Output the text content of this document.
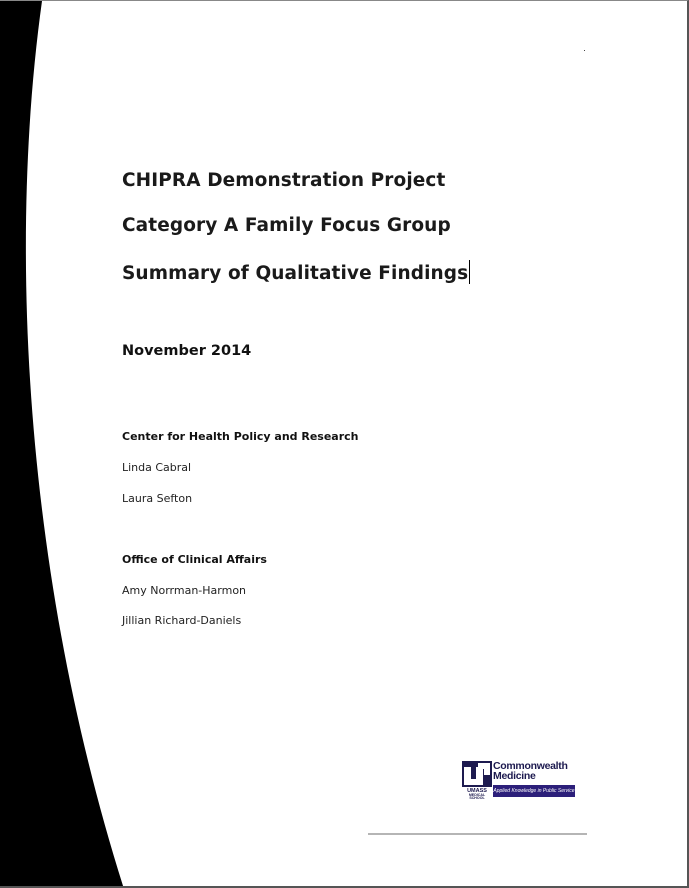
CHIPRA Demonstration Project
Category A Family Focus Group
Summary of Qualitative Findings
November 2014
Center for Health Policy and Research
Linda Cabral
Laura Sefton
Office of Clinical Affairs
Amy Norrman-Harmon
Jillian Richard-Daniels
UMASS
MEDICAL
SCHOOL
Commonwealth
Medicine
Applied Knowledge in Public Service
